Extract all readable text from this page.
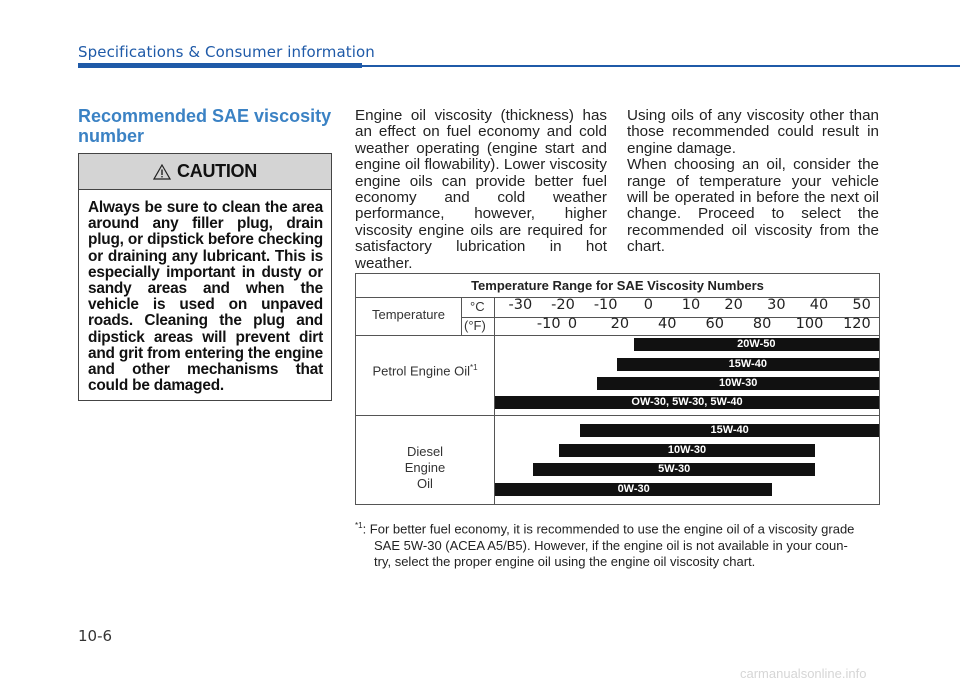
Specifications & Consumer information
Recommended SAE viscosity number
CAUTION
Always be sure to clean the area around any filler plug, drain plug, or dipstick before checking or draining any lubricant. This is especially important in dusty or sandy areas and when the vehicle is used on unpaved roads. Cleaning the plug and dipstick areas will prevent dirt and grit from entering the engine and other mechanisms that could be damaged.

Engine oil viscosity (thickness) has an effect on fuel economy and cold weather operating (engine start and engine oil flowability). Lower viscosity engine oils can provide better fuel economy and cold weather performance, however, higher viscosity engine oils are required for satisfactory lubrication in hot weather.

Using oils of any viscosity other than those recommended could result in engine damage.

When choosing an oil, consider the range of temperature your vehicle will be operated in before the next oil change. Proceed to select the recommended oil viscosity from the chart.

Temperature Range for SAE Viscosity Numbers
Temperature
°C
(°F)
Petrol Engine Oil$^{*1}$
Diesel Engine Oil
-30 -20 -10 0 10 20 30 40 50
-10 0 20 40 60 80 100 120
20W-50
15W-40
10W-30
OW-30, 5W-30, 5W-40
15W-40
10W-30
5W-30
0W-30
$^{*1}$: For better fuel economy, it is recommended to use the engine oil of a viscosity grade
SAE 5W-30 (ACEA A5/B5). However, if the engine oil is not available in your coun-
try, select the proper engine oil using the engine oil viscosity chart.
10-6
carmanualsonline.info
